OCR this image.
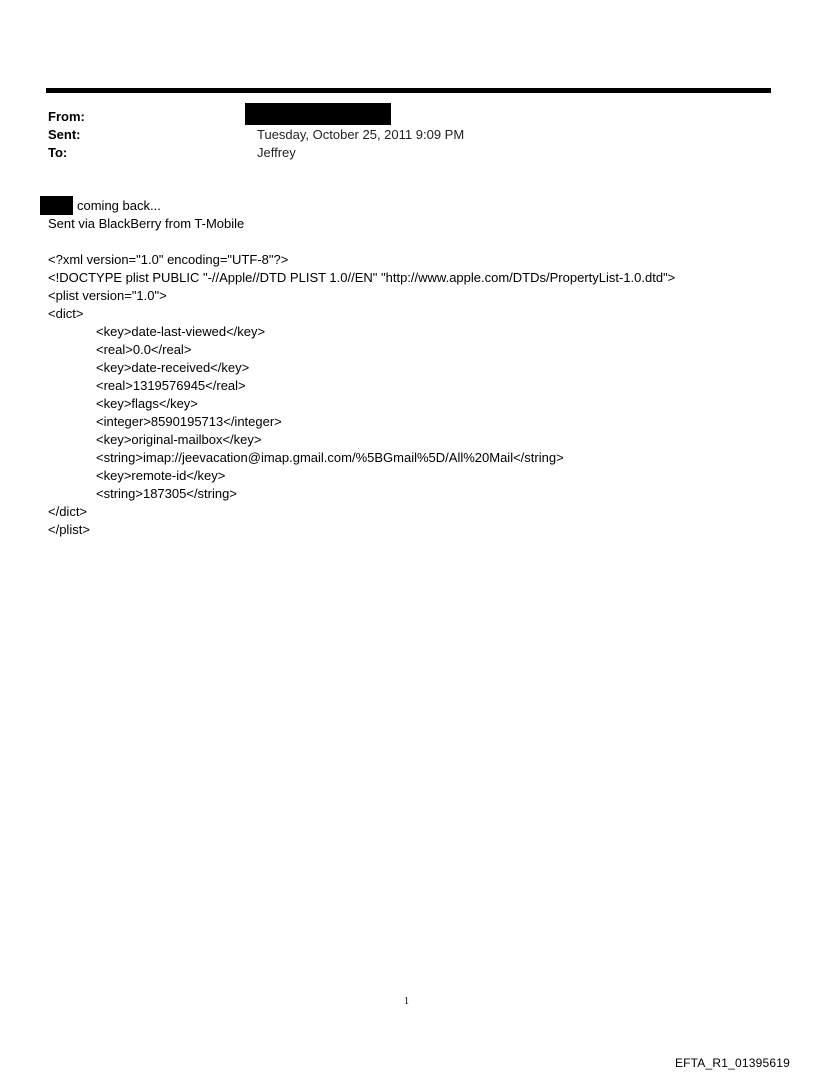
From:
Sent:	Tuesday, October 25, 2011 9:09 PM
To:	Jeffrey
coming back...
Sent via BlackBerry from T-Mobile
<?xml version="1.0" encoding="UTF-8"?>
<!DOCTYPE plist PUBLIC "-//Apple//DTD PLIST 1.0//EN" "http://www.apple.com/DTDs/PropertyList-1.0.dtd">
<plist version="1.0">
<dict>
<key>date-last-viewed</key>
<real>0.0</real>
<key>date-received</key>
<real>1319576945</real>
<key>flags</key>
<integer>8590195713</integer>
<key>original-mailbox</key>
<string>imap://jeevacation@imap.gmail.com/%5BGmail%5D/All%20Mail</string>
<key>remote-id</key>
<string>187305</string>
</dict>
</plist>
1
EFTA_R1_01395619
